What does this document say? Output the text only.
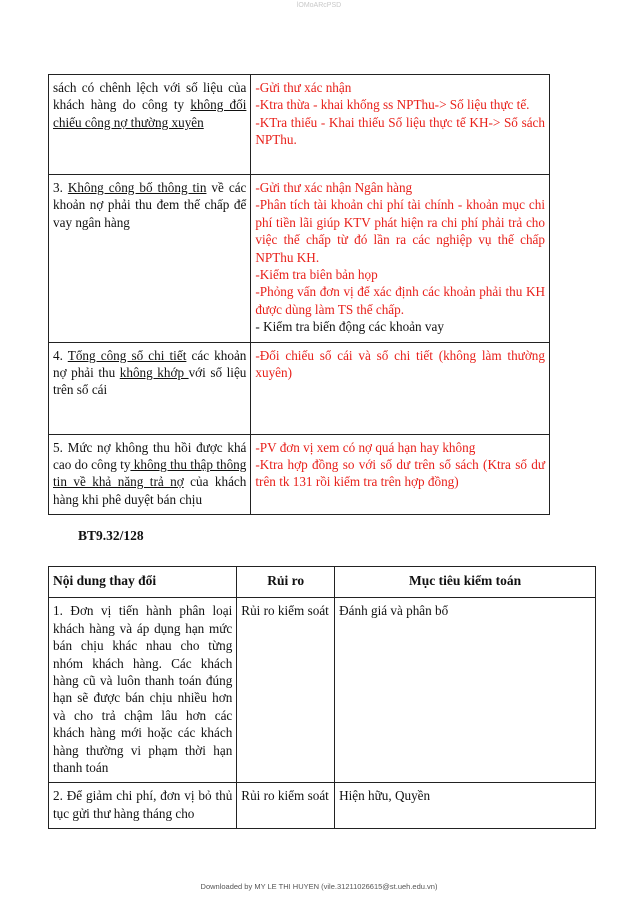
lOMoARcPSD
sách có chênh lệch với số liệu của khách hàng do công ty không đối chiếu công nợ thường xuyên	-Gửi thư xác nhận
-Ktra thừa - khai khống ss NPThu-> Số liệu thực tế.
-KTra thiếu - Khai thiếu Số liệu thực tế KH-> Sổ sách NPThu.

3. Không công bố thông tin về các khoản nợ phải thu đem thế chấp để vay ngân hàng	-Gửi thư xác nhận Ngân hàng
-Phân tích tài khoản chi phí tài chính - khoản mục chi phí tiền lãi giúp KTV phát hiện ra chi phí phải trả cho việc thế chấp từ đó lần ra các nghiệp vụ thế chấp NPThu KH.
-Kiểm tra biên bản họp
-Phỏng vấn đơn vị để xác định các khoản phải thu KH được dùng làm TS thế chấp.
- Kiểm tra biến động các khoản vay

4. Tổng công sổ chi tiết các khoản nợ phải thu không khớp với số liệu trên sổ cái	-Đối chiếu sổ cái và sổ chi tiết (không làm thường xuyên)

5. Mức nợ không thu hồi được khá cao do công ty không thu thập thông tin về khả năng trả nợ của khách hàng khi phê duyệt bán chịu	-PV đơn vị xem có nợ quá hạn hay không
-Ktra hợp đồng so với số dư trên sổ sách (Ktra số dư trên tk 131 rồi kiểm tra trên hợp đồng)
BT9.32/128
Nội dung thay đổi	Rủi ro	Mục tiêu kiểm toán
1. Đơn vị tiến hành phân loại khách hàng và áp dụng hạn mức bán chịu khác nhau cho từng nhóm khách hàng. Các khách hàng cũ và luôn thanh toán đúng hạn sẽ được bán chịu nhiều hơn và cho trả chậm lâu hơn các khách hàng mới hoặc các khách hàng thường vi phạm thời hạn thanh toán	Rủi ro kiểm soát	Đánh giá và phân bổ
2. Để giảm chi phí, đơn vị bỏ thủ tục gửi thư hàng tháng cho	Rủi ro kiểm soát	Hiện hữu, Quyền
Downloaded by MY LE THI HUYEN (vile.31211026615@st.ueh.edu.vn)
